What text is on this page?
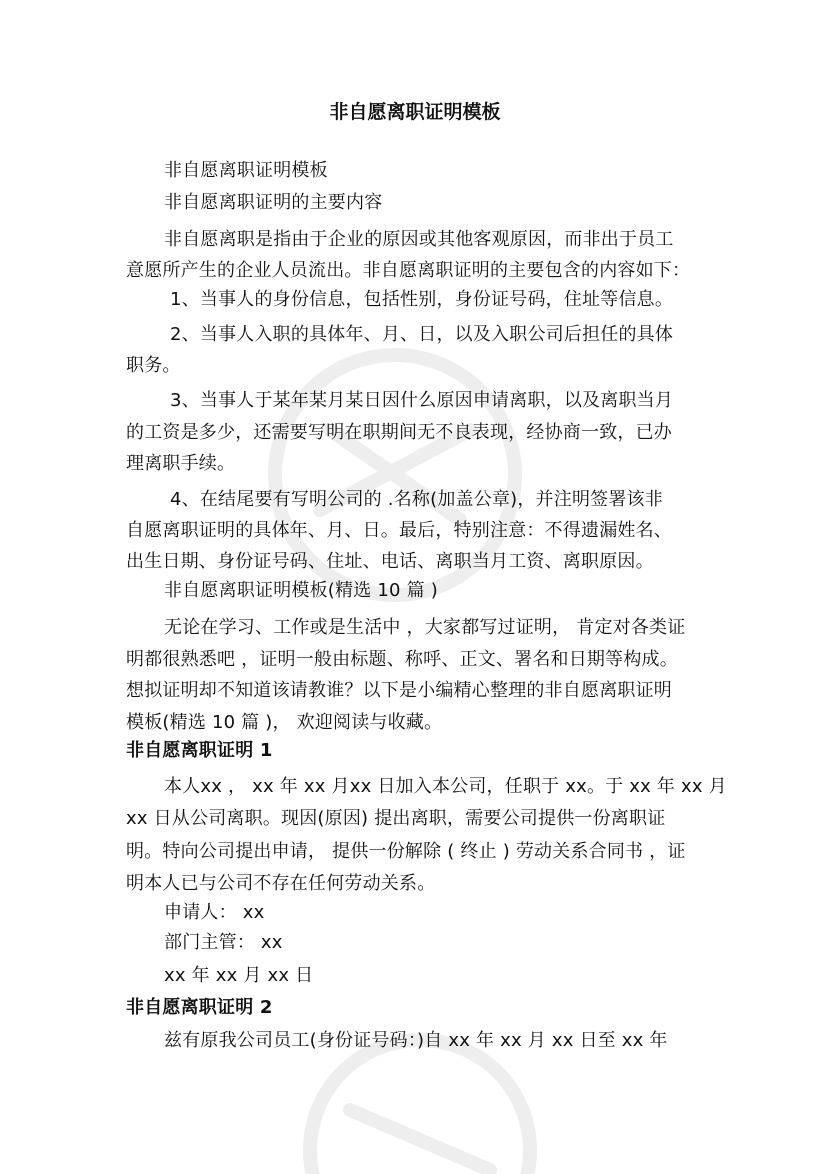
非自愿离职证明模板
非自愿离职证明模板
非自愿离职证明的主要内容
非自愿离职是指由于企业的原因或其他客观原因，而非出于员工
意愿所产生的企业人员流出。非自愿离职证明的主要包含的内容如下：
1、当事人的身份信息，包括性别，身份证号码，住址等信息。
2、当事人入职的具体年、月、日，以及入职公司后担任的具体
职务。
3、当事人于某年某月某日因什么原因申请离职，以及离职当月
的工资是多少，还需要写明在职期间无不良表现，经协商一致，已办
理离职手续。
4、在结尾要有写明公司的 .名称(加盖公章)，并注明签署该非
自愿离职证明的具体年、月、日。最后，特别注意：不得遗漏姓名、
出生日期、身份证号码、住址、电话、离职当月工资、离职原因。
非自愿离职证明模板(精选 10 篇 )
无论在学习、工作或是生活中 ，大家都写过证明， 肯定对各类证
明都很熟悉吧 ，证明一般由标题、称呼、正文、署名和日期等构成。
想拟证明却不知道该请教谁？以下是小编精心整理的非自愿离职证明
模板(精选 10 篇 )， 欢迎阅读与收藏。
非自愿离职证明 1
本人xx ， xx 年 xx 月xx 日加入本公司，任职于 xx。于 xx 年 xx 月
xx 日从公司离职。现因(原因) 提出离职，需要公司提供一份离职证
明。特向公司提出申请， 提供一份解除 ( 终止 ) 劳动关系合同书 ，证
明本人已与公司不存在任何劳动关系。
申请人： xx
部门主管： xx
xx 年 xx 月 xx 日
非自愿离职证明 2
兹有原我公司员工(身份证号码：)自 xx 年 xx 月 xx 日至 xx 年
